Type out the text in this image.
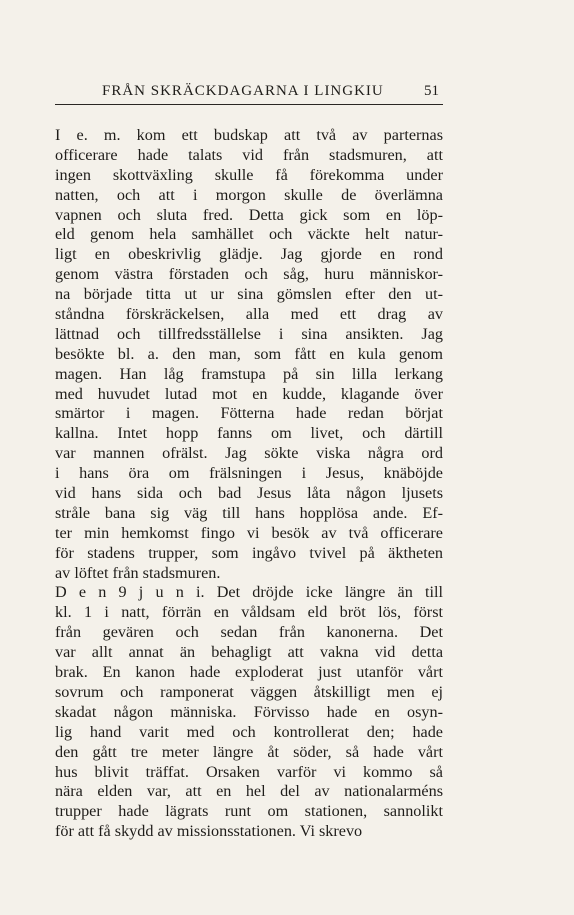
FRÅN SKRÄCKDAGARNA I LINGKIU	51
I e. m. kom ett budskap att två av parternas
officerare hade talats vid från stadsmuren, att
ingen skottväxling skulle få förekomma under
natten, och att i morgon skulle de överlämna
vapnen och sluta fred. Detta gick som en löp-
eld genom hela samhället och väckte helt natur-
ligt en obeskrivlig glädje. Jag gjorde en rond
genom västra förstaden och såg, huru människor-
na började titta ut ur sina gömslen efter den ut-
ståndna förskräckelsen, alla med ett drag av
lättnad och tillfredsställelse i sina ansikten. Jag
besökte bl. a. den man, som fått en kula genom
magen. Han låg framstupa på sin lilla lerkang
med huvudet lutad mot en kudde, klagande över
smärtor i magen. Fötterna hade redan börjat
kallna. Intet hopp fanns om livet, och därtill
var mannen ofrälst. Jag sökte viska några ord
i hans öra om frälsningen i Jesus, knäböjde
vid hans sida och bad Jesus låta någon ljusets
stråle bana sig väg till hans hopplösa ande. Ef-
ter min hemkomst fingo vi besök av två officerare
för stadens trupper, som ingåvo tvivel på äktheten
av löftet från stadsmuren.
D e n 9 j u n i. Det dröjde icke längre än till
kl. 1 i natt, förrän en våldsam eld bröt lös, först
från gevären och sedan från kanonerna. Det
var allt annat än behagligt att vakna vid detta
brak. En kanon hade exploderat just utanför vårt
sovrum och ramponerat väggen åtskilligt men ej
skadat någon människa. Förvisso hade en osyn-
lig hand varit med och kontrollerat den; hade
den gått tre meter längre åt söder, så hade vårt
hus blivit träffat. Orsaken varför vi kommo så
nära elden var, att en hel del av nationalarméns
trupper hade lägrats runt om stationen, sannolikt
för att få skydd av missionsstationen. Vi skrevo
